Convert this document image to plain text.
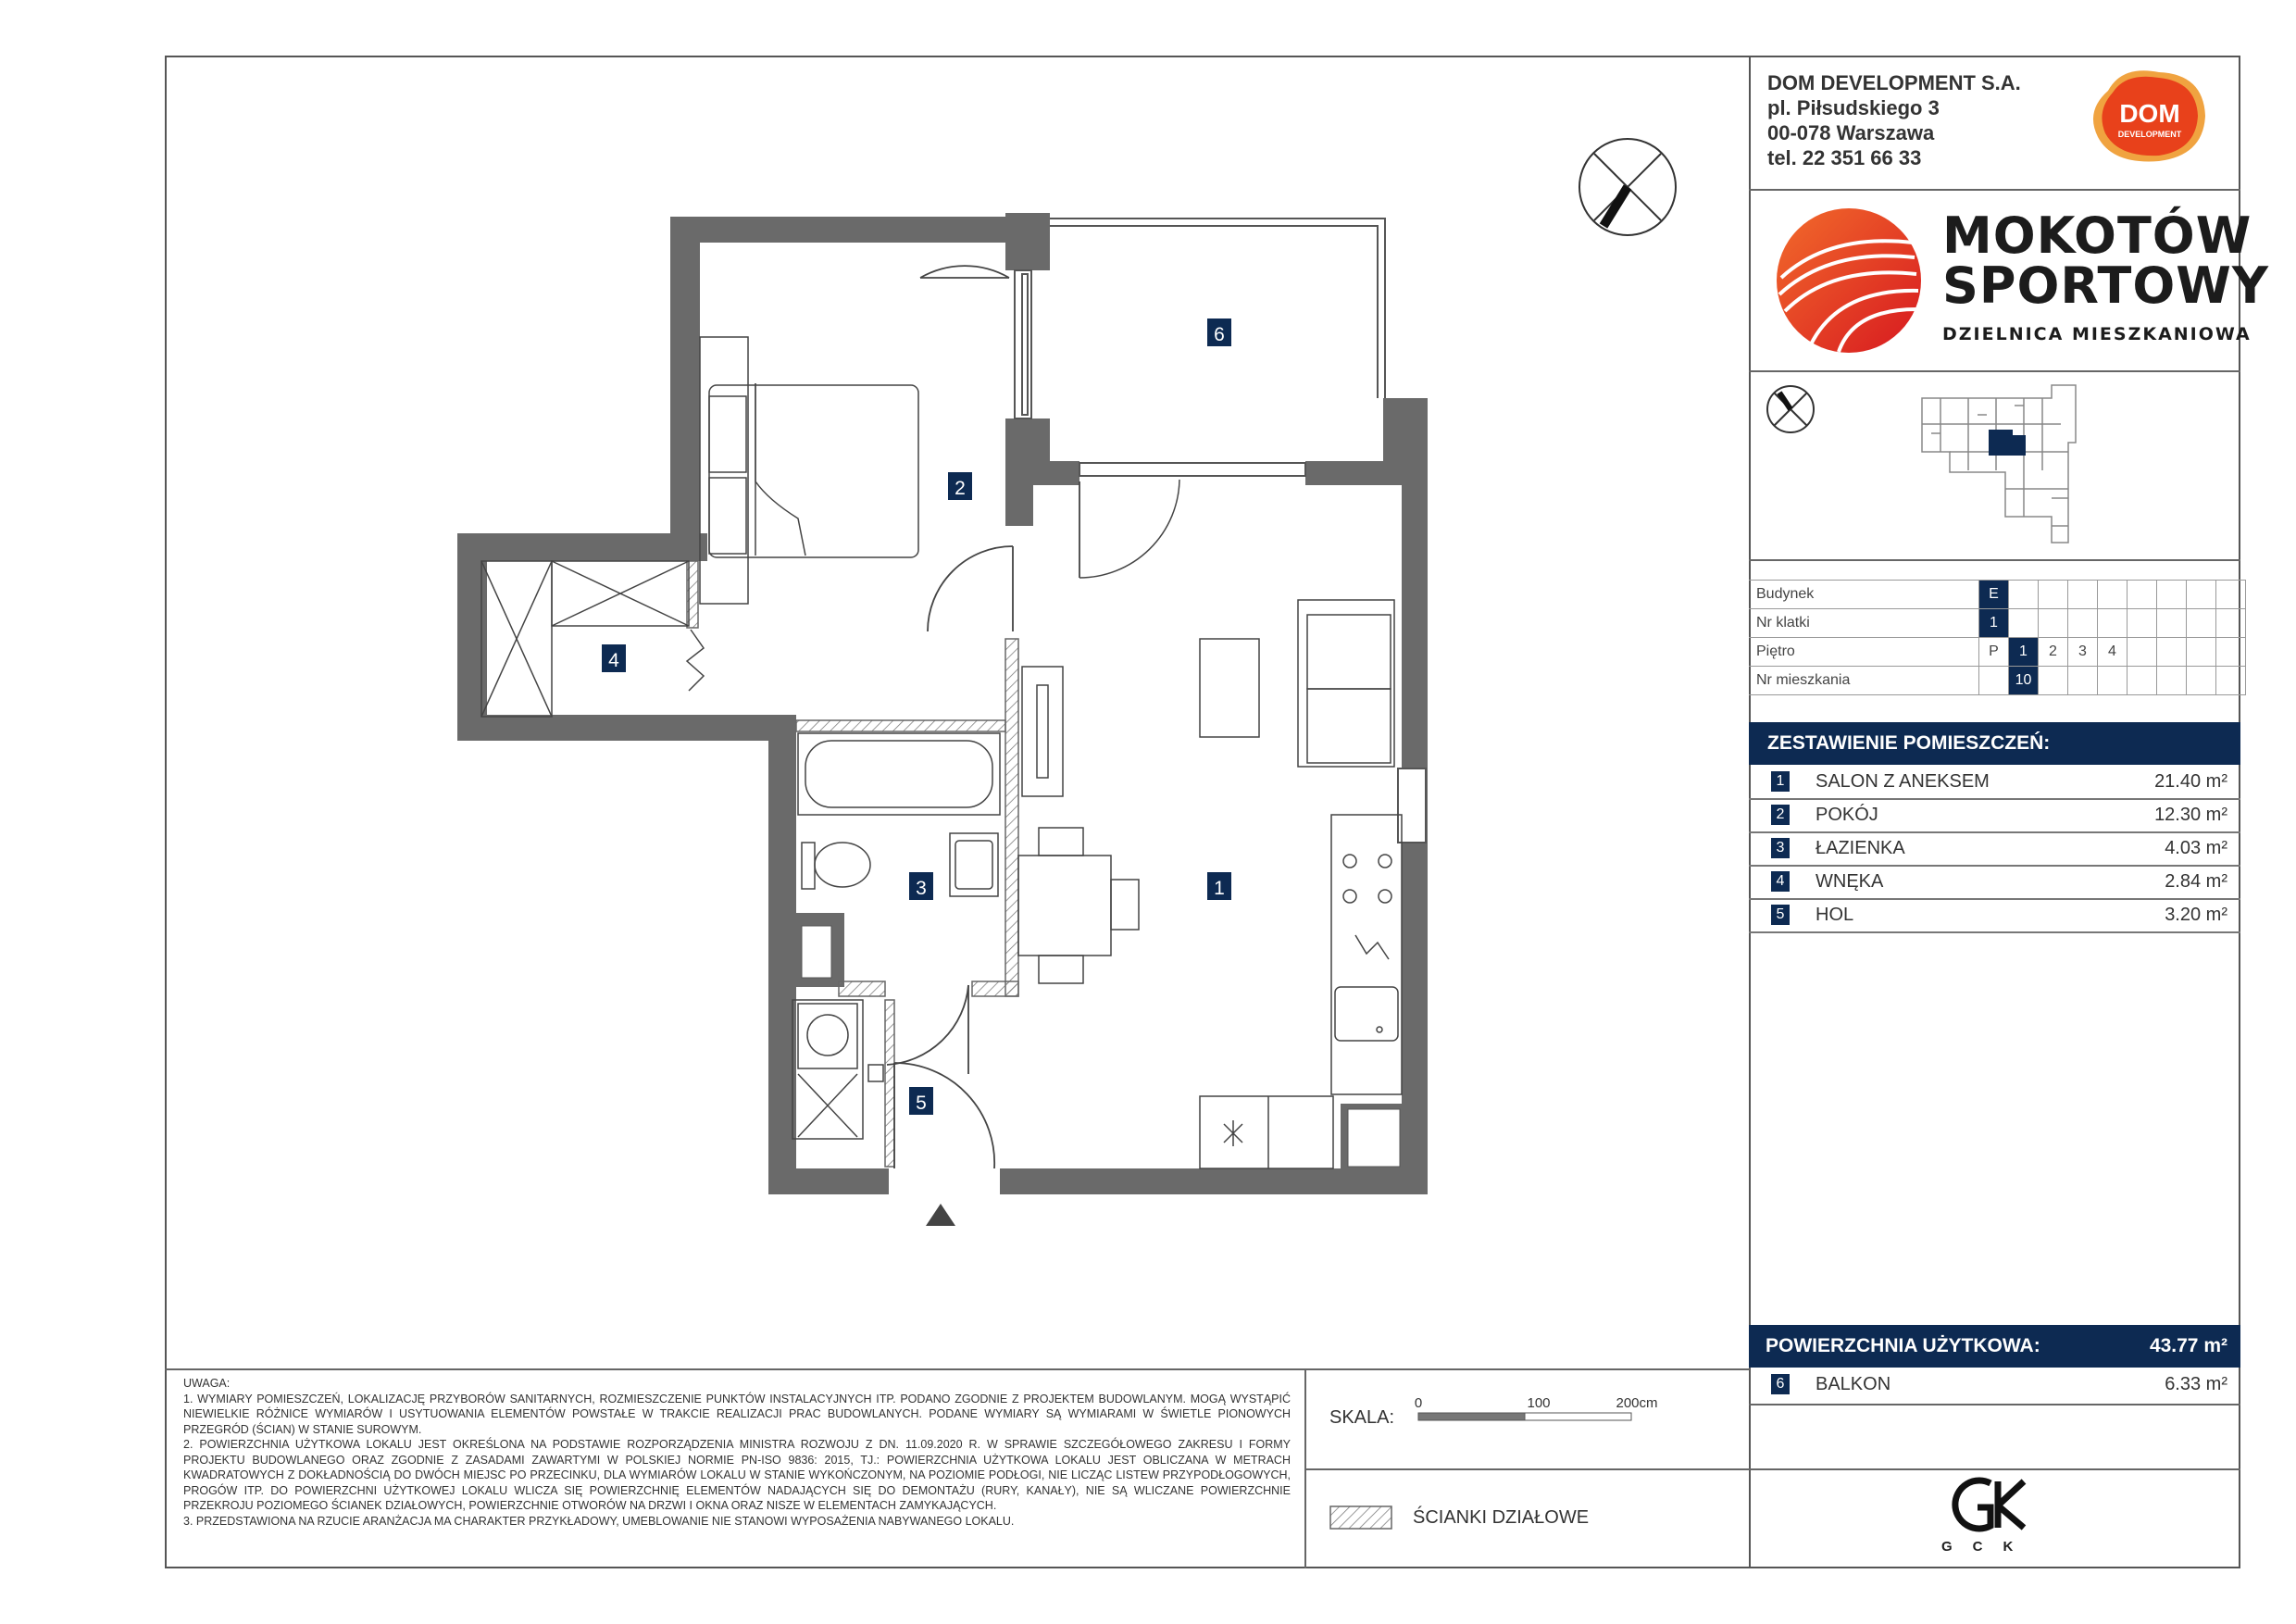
DOM DEVELOPMENT S.A.
pl. Piłsudskiego 3
00-078 Warszawa
tel. 22 351 66 33
DOM
DEVELOPMENT
MOKOTÓW
SPORTOWY
DZIELNICA MIESZKANIOWA
Budynek	E								
Nr klatki	1								
Piętro	P	1	2	3	4				
Nr mieszkania		10							
ZESTAWIENIE POMIESZCZEŃ:
1 SALON Z ANEKSEM	21.40 m²
2 POKÓJ	12.30 m²
3 ŁAZIENKA	4.03 m²
4 WNĘKA	2.84 m²
5 HOL	3.20 m²
POWIERZCHNIA UŻYTKOWA:	43.77 m²
6 BALKON	6.33 m²
GCK
UWAGA:
1. WYMIARY POMIESZCZEŃ, LOKALIZACJĘ PRZYBORÓW SANITARNYCH, ROZMIESZCZENIE PUNKTÓW INSTALACYJNYCH ITP. PODANO ZGODNIE Z PROJEKTEM BUDOWLANYM. MOGĄ WYSTĄPIĆ NIEWIELKIE RÓŻNICE WYMIARÓW I USYTUOWANIA ELEMENTÓW POWSTAŁE W TRAKCIE REALIZACJI PRAC BUDOWLANYCH. PODANE WYMIARY SĄ WYMIARAMI W ŚWIETLE PIONOWYCH PRZEGRÓD (ŚCIAN) W STANIE SUROWYM.
2. POWIERZCHNIA UŻYTKOWA LOKALU JEST OKREŚLONA NA PODSTAWIE ROZPORZĄDZENIA MINISTRA ROZWOJU Z DN. 11.09.2020 R. W SPRAWIE SZCZEGÓŁOWEGO ZAKRESU I FORMY PROJEKTU BUDOWLANEGO ORAZ ZGODNIE Z ZASADAMI ZAWARTYMI W POLSKIEJ NORMIE PN-ISO 9836: 2015, TJ.: POWIERZCHNIA UŻYTKOWA LOKALU JEST OBLICZANA W METRACH KWADRATOWYCH Z DOKŁADNOŚCIĄ DO DWÓCH MIEJSC PO PRZECINKU, DLA WYMIARÓW LOKALU W STANIE WYKOŃCZONYM, NA POZIOMIE PODŁOGI, NIE LICZĄC LISTEW PRZYPODŁOGOWYCH, PROGÓW ITP. DO POWIERZCHNI UŻYTKOWEJ LOKALU WLICZA SIĘ POWIERZCHNIĘ ELEMENTÓW NADAJĄCYCH SIĘ DO DEMONTAŻU (RURY, KANAŁY), NIE SĄ WLICZANE POWIERZCHNIE PRZEKROJU POZIOMEGO ŚCIANEK DZIAŁOWYCH, POWIERZCHNIE OTWORÓW NA DRZWI I OKNA ORAZ NISZE W ELEMENTACH ZAMYKAJĄCYCH.
3. PRZEDSTAWIONA NA RZUCIE ARANŻACJA MA CHARAKTER PRZYKŁADOWY, UMEBLOWANIE NIE STANOWI WYPOSAŻENIA NABYWANEGO LOKALU.
SKALA:
0	100	200cm
ŚCIANKI DZIAŁOWE
6
2
4
3	1
5
